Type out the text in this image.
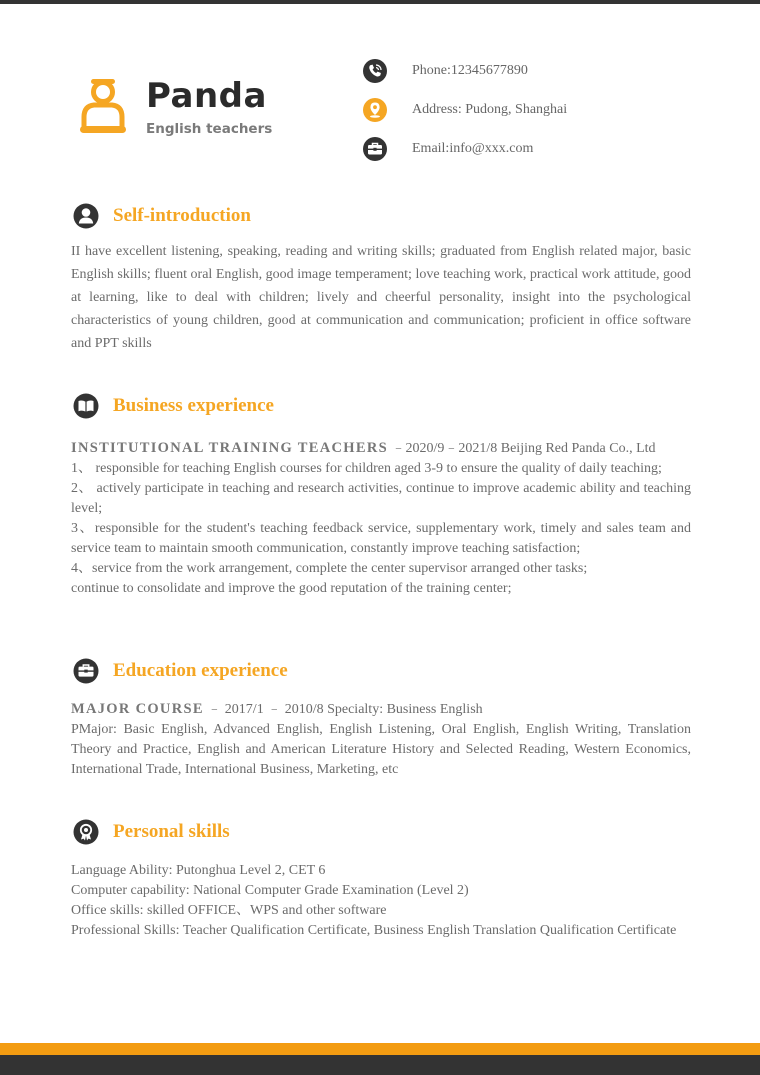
Panda

English teachers

Phone:12345677890
Address: Pudong, Shanghai
Email:info@xxx.com
Self-introduction

II have excellent listening, speaking, reading and writing skills; graduated from English related major, basic English skills; fluent oral English, good image temperament; love teaching work, practical work attitude, good at learning, like to deal with children; lively and cheerful personality, insight into the psychological characteristics of young children, good at communication and communication; proficient in office software and PPT skills

Business experience

INSTITUTIONAL TRAINING TEACHERS ﹣2020/9﹣2021/8 Beijing Red Panda Co., Ltd

1、 responsible for teaching English courses for children aged 3-9 to ensure the quality of daily teaching;

2、 actively participate in teaching and research activities, continue to improve academic ability and teaching level;

3、responsible for the student's teaching feedback service, supplementary work, timely and sales team and service team to maintain smooth communication, constantly improve teaching satisfaction;

4、service from the work arrangement, complete the center supervisor arranged other tasks;

continue to consolidate and improve the good reputation of the training center;

Education experience

MAJOR COURSE ﹣ 2017/1 ﹣ 2010/8 Specialty: Business English

PMajor: Basic English, Advanced English, English Listening, Oral English, English Writing, Translation Theory and Practice, English and American Literature History and Selected Reading, Western Economics, International Trade, International Business, Marketing, etc

Personal skills

Language Ability: Putonghua Level 2, CET 6

Computer capability: National Computer Grade Examination (Level 2)

Office skills: skilled OFFICE、WPS and other software

Professional Skills: Teacher Qualification Certificate, Business English Translation Qualification Certificate
